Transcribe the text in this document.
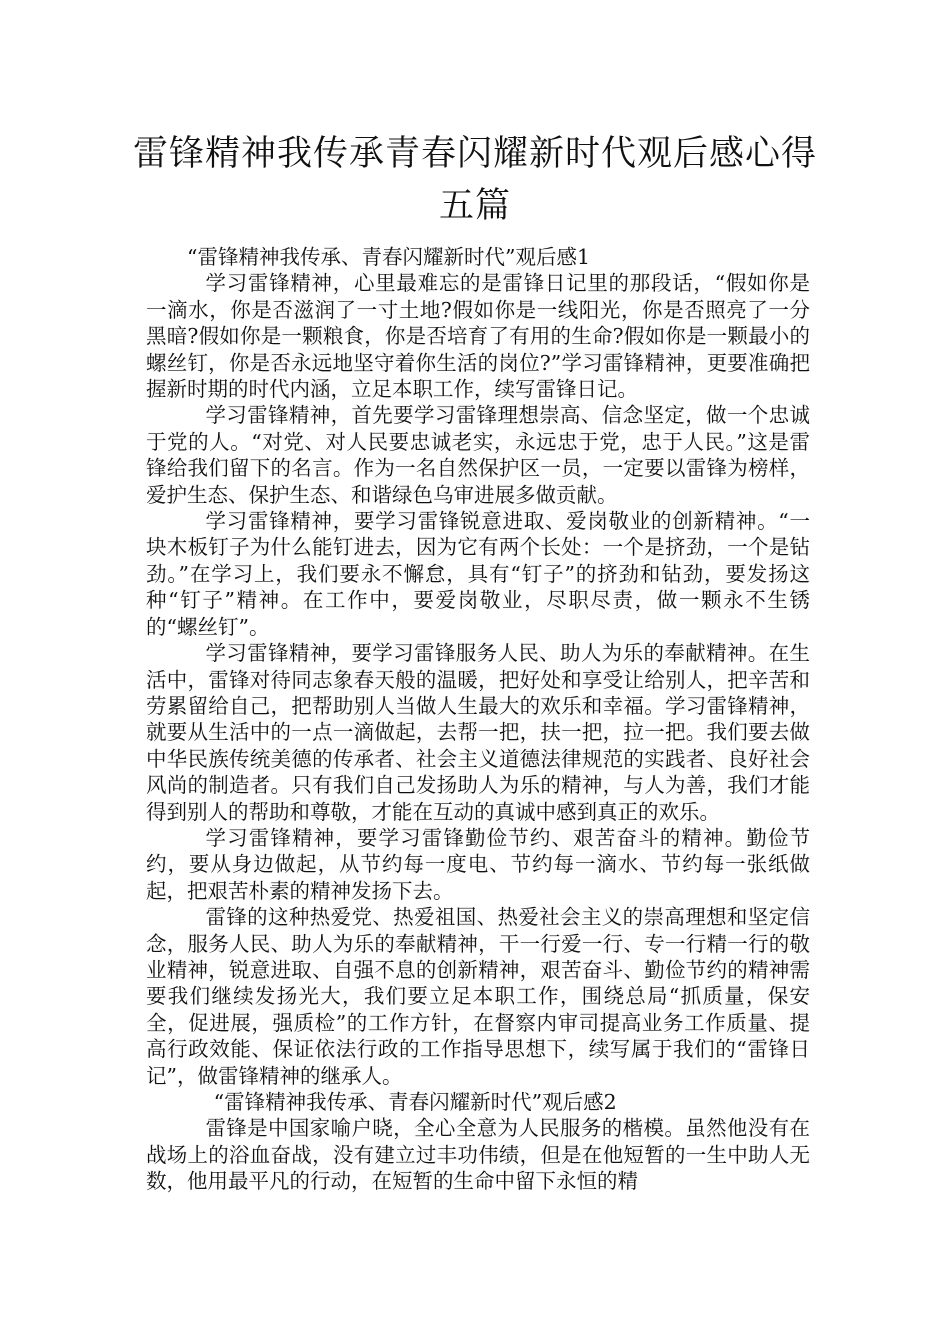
雷锋精神我传承青春闪耀新时代观后感心得五篇

“雷锋精神我传承、青春闪耀新时代”观后感1

学习雷锋精神，心里最难忘的是雷锋日记里的那段话，“假如你是一滴水，你是否滋润了一寸土地?假如你是一线阳光，你是否照亮了一分黑暗?假如你是一颗粮食，你是否培育了有用的生命?假如你是一颗最小的螺丝钉，你是否永远地坚守着你生活的岗位?”学习雷锋精神，更要准确把握新时期的时代内涵，立足本职工作，续写雷锋日记。

学习雷锋精神，首先要学习雷锋理想崇高、信念坚定，做一个忠诚于党的人。“对党、对人民要忠诚老实，永远忠于党，忠于人民。”这是雷锋给我们留下的名言。作为一名自然保护区一员，一定要以雷锋为榜样，爱护生态、保护生态、和谐绿色乌审进展多做贡献。

学习雷锋精神，要学习雷锋锐意进取、爱岗敬业的创新精神。“一块木板钉子为什么能钉进去，因为它有两个长处：一个是挤劲，一个是钻劲。”在学习上，我们要永不懈怠，具有“钉子”的挤劲和钻劲，要发扬这种“钉子”精神。在工作中，要爱岗敬业，尽职尽责，做一颗永不生锈的“螺丝钉”。

学习雷锋精神，要学习雷锋服务人民、助人为乐的奉献精神。在生活中，雷锋对待同志象春天般的温暖，把好处和享受让给别人，把辛苦和劳累留给自己，把帮助别人当做人生最大的欢乐和幸福。学习雷锋精神，就要从生活中的一点一滴做起，去帮一把，扶一把，拉一把。我们要去做中华民族传统美德的传承者、社会主义道德法律规范的实践者、良好社会风尚的制造者。只有我们自己发扬助人为乐的精神，与人为善，我们才能得到别人的帮助和尊敬，才能在互动的真诚中感到真正的欢乐。

学习雷锋精神，要学习雷锋勤俭节约、艰苦奋斗的精神。勤俭节约，要从身边做起，从节约每一度电、节约每一滴水、节约每一张纸做起，把艰苦朴素的精神发扬下去。

雷锋的这种热爱党、热爱祖国、热爱社会主义的崇高理想和坚定信念，服务人民、助人为乐的奉献精神，干一行爱一行、专一行精一行的敬业精神，锐意进取、自强不息的创新精神，艰苦奋斗、勤俭节约的精神需要我们继续发扬光大，我们要立足本职工作，围绕总局“抓质量，保安全，促进展，强质检”的工作方针，在督察内审司提高业务工作质量、提高行政效能、保证依法行政的工作指导思想下，续写属于我们的“雷锋日记”，做雷锋精神的继承人。

“雷锋精神我传承、青春闪耀新时代”观后感2

雷锋是中国家喻户晓，全心全意为人民服务的楷模。虽然他没有在战场上的浴血奋战，没有建立过丰功伟绩，但是在他短暂的一生中助人无数，他用最平凡的行动，在短暂的生命中留下永恒的精
